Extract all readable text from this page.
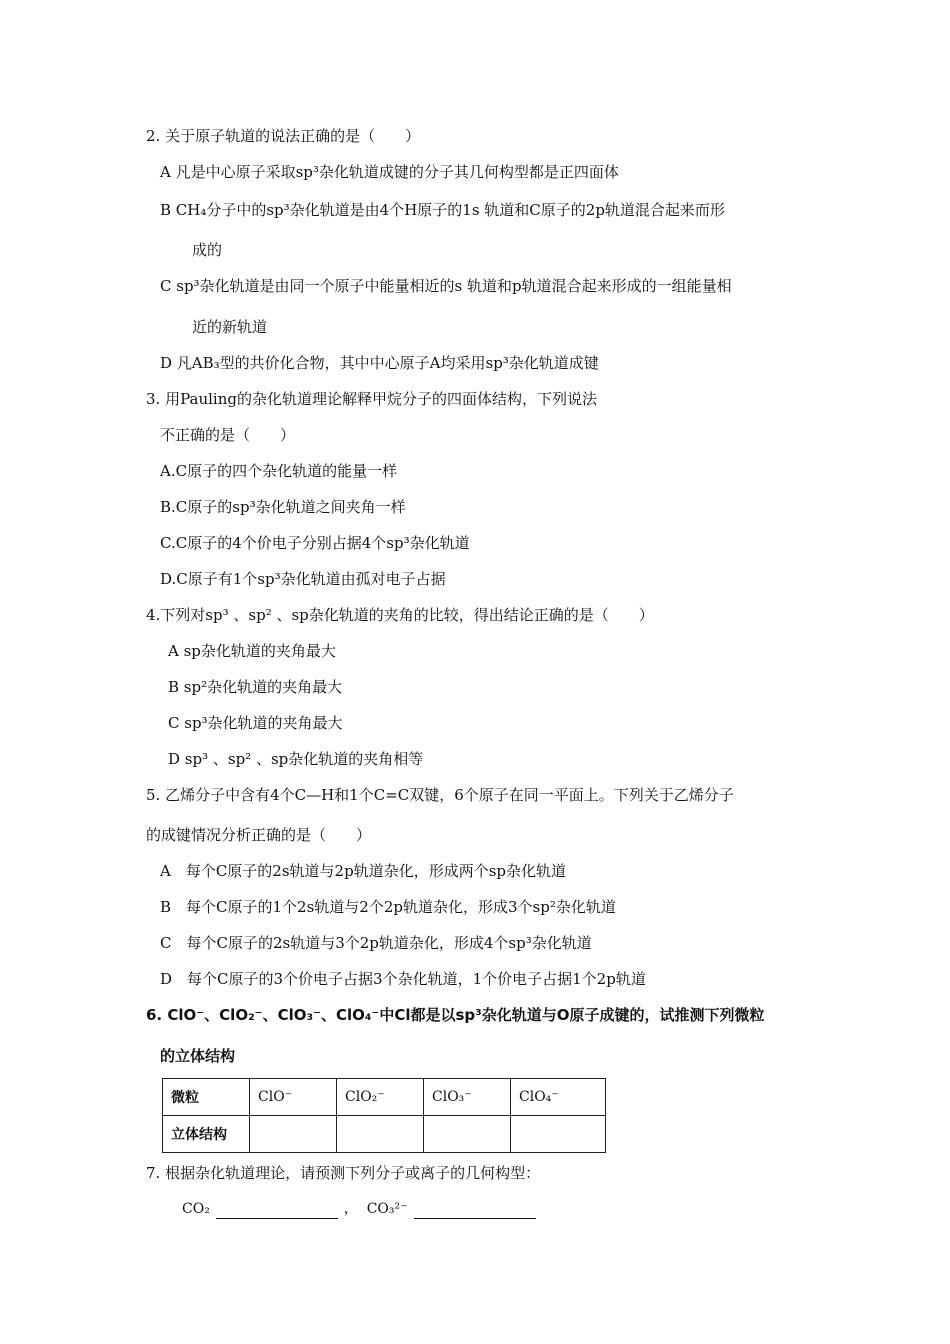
2. 关于原子轨道的说法正确的是（　　）
A 凡是中心原子采取sp³杂化轨道成键的分子其几何构型都是正四面体
B CH₄分子中的sp³杂化轨道是由4个H原子的1s 轨道和C原子的2p轨道混合起来而形
成的
C sp³杂化轨道是由同一个原子中能量相近的s 轨道和p轨道混合起来形成的一组能量相
近的新轨道
D 凡AB₃型的共价化合物，其中中心原子A均采用sp³杂化轨道成键
3. 用Pauling的杂化轨道理论解释甲烷分子的四面体结构，下列说法
不正确的是（　　）
A.C原子的四个杂化轨道的能量一样
B.C原子的sp³杂化轨道之间夹角一样
C.C原子的4个价电子分别占据4个sp³杂化轨道
D.C原子有1个sp³杂化轨道由孤对电子占据
4.下列对sp³ 、sp² 、sp杂化轨道的夹角的比较，得出结论正确的是（　　）
A sp杂化轨道的夹角最大
B sp²杂化轨道的夹角最大
C sp³杂化轨道的夹角最大
D sp³ 、sp² 、sp杂化轨道的夹角相等
5. 乙烯分子中含有4个C—H和1个C=C双键，6个原子在同一平面上。下列关于乙烯分子
的成键情况分析正确的是（　　）
A　每个C原子的2s轨道与2p轨道杂化，形成两个sp杂化轨道
B　每个C原子的1个2s轨道与2个2p轨道杂化，形成3个sp²杂化轨道
C　每个C原子的2s轨道与3个2p轨道杂化，形成4个sp³杂化轨道
D　每个C原子的3个价电子占据3个杂化轨道，1个价电子占据1个2p轨道
6. ClO⁻、ClO₂⁻、ClO₃⁻、ClO₄⁻中Cl都是以sp³杂化轨道与O原子成键的，试推测下列微粒
的立体结构
微粒	ClO⁻	ClO₂⁻	ClO₃⁻	ClO₄⁻
立体结构				
7. 根据杂化轨道理论，请预测下列分子或离子的几何构型：
CO₂	， CO₃²⁻
